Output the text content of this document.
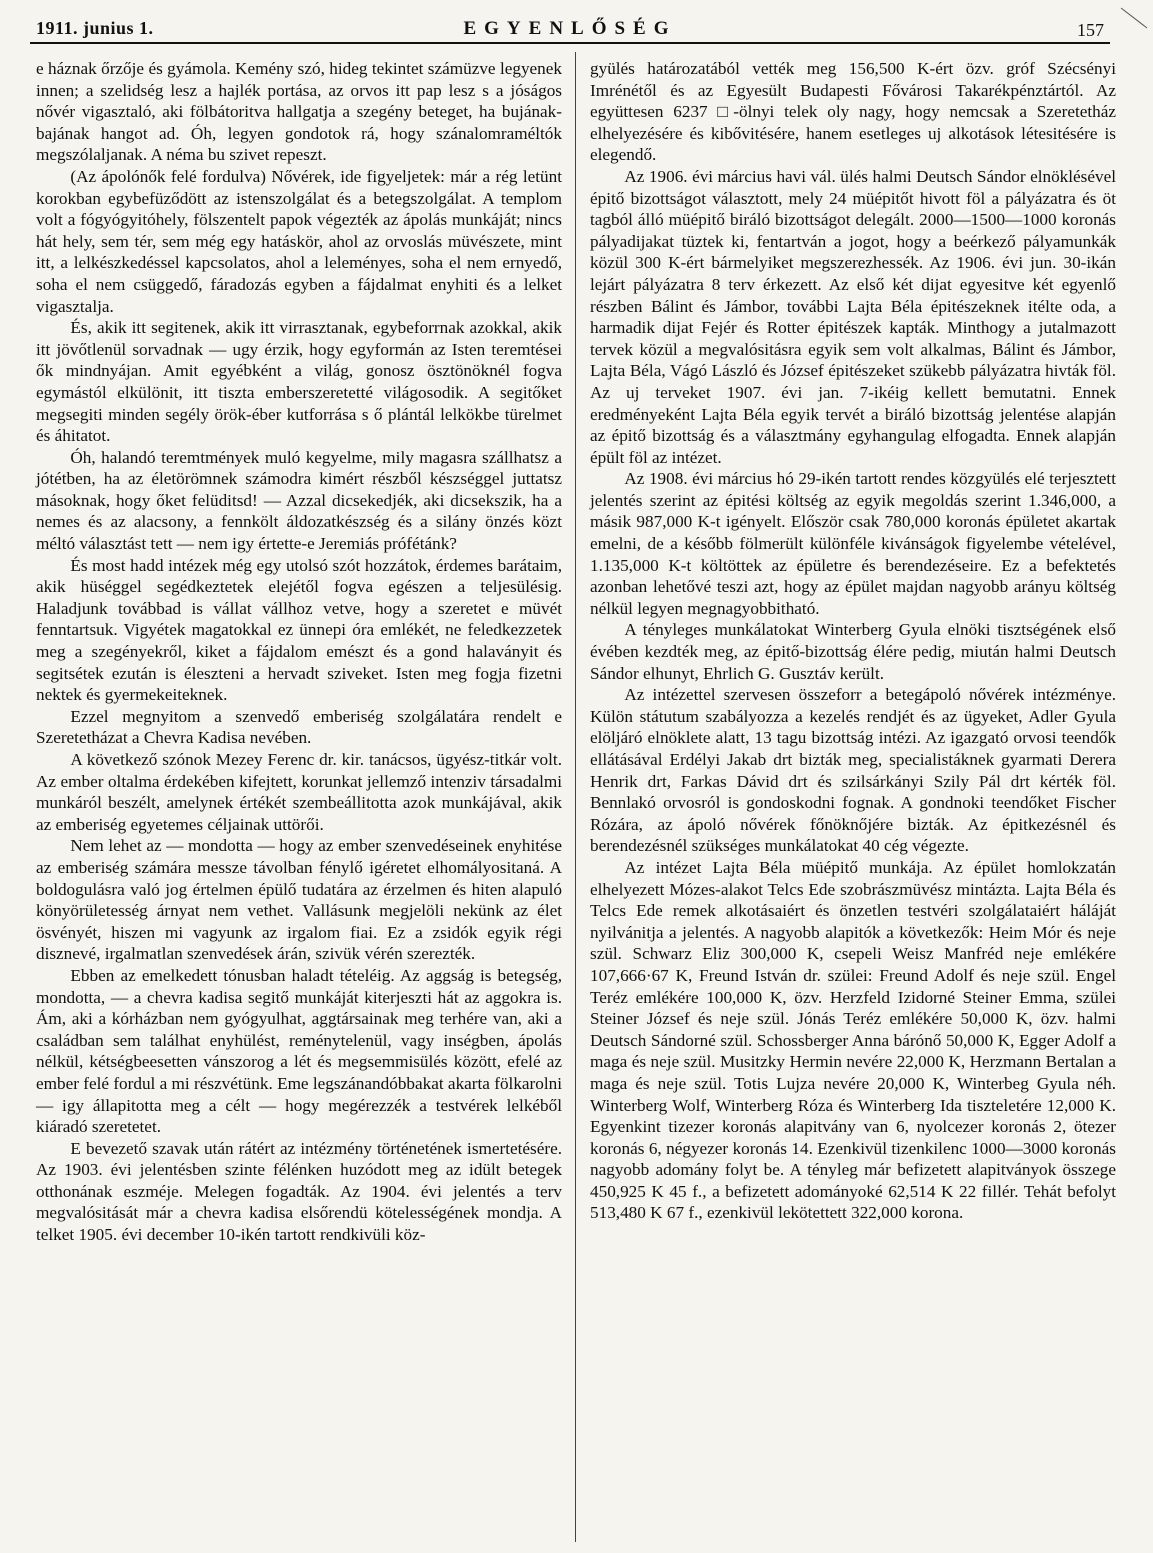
1911. junius 1.	EGYENLŐSÉG	157

e háznak őrzője és gyámola. Kemény szó, hideg tekintet számüzve legyenek innen; a szelidség lesz a hajlék portása, az orvos itt pap lesz s a jóságos nővér vigasztaló, aki fölbátoritva hallgatja a szegény beteget, ha bujának-bajának hangot ad. Óh, legyen gondotok rá, hogy szánalomraméltók megszólaljanak. A néma bu szivet repeszt.

(Az ápolónők felé fordulva) Nővérek, ide figyeljetek: már a rég letünt korokban egybefüződött az istenszolgálat és a betegszolgálat. A templom volt a fógyógyitóhely, fölszentelt papok végezték az ápolás munkáját; nincs hát hely, sem tér, sem még egy hatáskör, ahol az orvoslás müvészete, mint itt, a lelkészkedéssel kapcsolatos, ahol a leleményes, soha el nem ernyedő, soha el nem csüggedő, fáradozás egyben a fájdalmat enyhiti és a lelket vigasztalja.

És, akik itt segitenek, akik itt virrasztanak, egybeforrnak azokkal, akik itt jövőtlenül sorvadnak — ugy érzik, hogy egyformán az Isten teremtései ők mindnyájan. Amit egyébként a világ, gonosz ösztönöknél fogva egymástól elkülönit, itt tiszta emberszeretetté világosodik. A segitőket megsegiti minden segély örök-éber kutforrása s ő plántál lelkökbe türelmet és áhitatot.

Óh, halandó teremtmények muló kegyelme, mily magasra szállhatsz a jótétben, ha az életörömnek számodra kimért részből készséggel juttatsz másoknak, hogy őket felüditsd! — Azzal dicsekedjék, aki dicsekszik, ha a nemes és az alacsony, a fennkölt áldozatkészség és a silány önzés közt méltó választást tett — nem igy értette-e Jeremiás prófétánk?

És most hadd intézek még egy utolsó szót hozzátok, érdemes barátaim, akik hüséggel segédkeztetek elejétől fogva egészen a teljesülésig. Haladjunk továbbad is vállat vállhoz vetve, hogy a szeretet e müvét fenntartsuk. Vigyétek magatokkal ez ünnepi óra emlékét, ne feledkezzetek meg a szegényekről, kiket a fájdalom emészt és a gond halaványit és segitsétek ezután is éleszteni a hervadt sziveket. Isten meg fogja fizetni nektek és gyermekeiteknek.

Ezzel megnyitom a szenvedő emberiség szolgálatára rendelt e Szeretetházat a Chevra Kadisa nevében.

A következő szónok Mezey Ferenc dr. kir. tanácsos, ügyész-titkár volt. Az ember oltalma érdekében kifejtett, korunkat jellemző intenziv társadalmi munkáról beszélt, amelynek értékét szembeállitotta azok munkájával, akik az emberiség egyetemes céljainak uttörői.

Nem lehet az — mondotta — hogy az ember szenvedéseinek enyhitése az emberiség számára messze távolban fénylő igéretet elhomályositaná. A boldogulásra való jog értelmen épülő tudatára az érzelmen és hiten alapuló könyörületesség árnyat nem vethet. Vallásunk megjelöli nekünk az élet ösvényét, hiszen mi vagyunk az irgalom fiai. Ez a zsidók egyik régi disznevé, irgalmatlan szenvedések árán, szivük vérén szerezték.

Ebben az emelkedett tónusban haladt tételéig. Az aggság is betegség, mondotta, — a chevra kadisa segitő munkáját kiterjeszti hát az aggokra is. Ám, aki a kórházban nem gyógyulhat, aggtársainak meg terhére van, aki a családban sem találhat enyhülést, reménytelenül, vagy inségben, ápolás nélkül, kétségbeesetten vánszorog a lét és megsemmisülés között, efelé az ember felé fordul a mi részvétünk. Eme legszánandóbbakat akarta fölkarolni — igy állapitotta meg a célt — hogy megérezzék a testvérek lelkéből kiáradó szeretetet.

E bevezető szavak után rátért az intézmény történetének ismertetésére. Az 1903. évi jelentésben szinte félénken huzódott meg az idült betegek otthonának eszméje. Melegen fogadták. Az 1904. évi jelentés a terv megvalósitását már a chevra kadisa elsőrendü kötelességének mondja. A telket 1905. évi december 10-ikén tartott rendkivüli köz-

gyülés határozatából vették meg 156,500 K-ért özv. gróf Szécsényi Imrénétől és az Egyesült Budapesti Fővárosi Takarékpénztártól. Az együttesen 6237 □-ölnyi telek oly nagy, hogy nemcsak a Szeretetház elhelyezésére és kibővitésére, hanem esetleges uj alkotások létesitésére is elegendő.

Az 1906. évi március havi vál. ülés halmi Deutsch Sándor elnöklésével épitő bizottságot választott, mely 24 müépitőt hivott föl a pályázatra és öt tagból álló müépitő biráló bizottságot delegált. 2000—1500—1000 koronás pályadijakat tüztek ki, fentartván a jogot, hogy a beérkező pályamunkák közül 300 K-ért bármelyiket megszerezhessék. Az 1906. évi jun. 30-ikán lejárt pályázatra 8 terv érkezett. Az első két dijat egyesitve két egyenlő részben Bálint és Jámbor, további Lajta Béla épitészeknek itélte oda, a harmadik dijat Fejér és Rotter épitészek kapták. Minthogy a jutalmazott tervek közül a megvalósitásra egyik sem volt alkalmas, Bálint és Jámbor, Lajta Béla, Vágó László és József épitészeket szükebb pályázatra hivták föl. Az uj terveket 1907. évi jan. 7-ikéig kellett bemutatni. Ennek eredményeként Lajta Béla egyik tervét a biráló bizottság jelentése alapján az épitő bizottság és a választmány egyhangulag elfogadta. Ennek alapján épült föl az intézet.

Az 1908. évi március hó 29-ikén tartott rendes közgyülés elé terjesztett jelentés szerint az épitési költség az egyik megoldás szerint 1.346,000, a másik 987,000 K-t igényelt. Először csak 780,000 koronás épületet akartak emelni, de a később fölmerült különféle kivánságok figyelembe vételével, 1.135,000 K-t költöttek az épületre és berendezéseire. Ez a befektetés azonban lehetővé teszi azt, hogy az épület majdan nagyobb arányu költség nélkül legyen megnagyobbitható.

A tényleges munkálatokat Winterberg Gyula elnöki tisztségének első évében kezdték meg, az épitő-bizottság élére pedig, miután halmi Deutsch Sándor elhunyt, Ehrlich G. Gusztáv került.

Az intézettel szervesen összeforr a betegápoló nővérek intézménye. Külön státutum szabályozza a kezelés rendjét és az ügyeket, Adler Gyula elöljáró elnöklete alatt, 13 tagu bizottság intézi. Az igazgató orvosi teendők ellátásával Erdélyi Jakab drt bizták meg, specialistáknek gyarmati Derera Henrik drt, Farkas Dávid drt és szilsárkányi Szily Pál drt kérték föl. Bennlakó orvosról is gondoskodni fognak. A gondnoki teendőket Fischer Rózára, az ápoló nővérek főnöknőjére bizták. Az épitkezésnél és berendezésnél szükséges munkálatokat 40 cég végezte.

Az intézet Lajta Béla müépitő munkája. Az épület homlokzatán elhelyezett Mózes-alakot Telcs Ede szobrászmüvész mintázta. Lajta Béla és Telcs Ede remek alkotásaiért és önzetlen testvéri szolgálataiért háláját nyilvánitja a jelentés. A nagyobb alapitók a következők: Heim Mór és neje szül. Schwarz Eliz 300,000 K, csepeli Weisz Manfréd neje emlékére 107,666·67 K, Freund István dr. szülei: Freund Adolf és neje szül. Engel Teréz emlékére 100,000 K, özv. Herzfeld Izidorné Steiner Emma, szülei Steiner József és neje szül. Jónás Teréz emlékére 50,000 K, özv. halmi Deutsch Sándorné szül. Schossberger Anna bárónő 50,000 K, Egger Adolf a maga és neje szül. Musitzky Hermin nevére 22,000 K, Herzmann Bertalan a maga és neje szül. Totis Lujza nevére 20,000 K, Winterbeg Gyula néh. Winterberg Wolf, Winterberg Róza és Winterberg Ida tiszteletére 12,000 K. Egyenkint tizezer koronás alapitvány van 6, nyolcezer koronás 2, ötezer koronás 6, négyezer koronás 14. Ezenkivül tizenkilenc 1000—3000 koronás nagyobb adomány folyt be. A tényleg már befizetett alapitványok összege 450,925 K 45 f., a befizetett adományoké 62,514 K 22 fillér. Tehát befolyt 513,480 K 67 f., ezenkivül lekötettett 322,000 korona.
